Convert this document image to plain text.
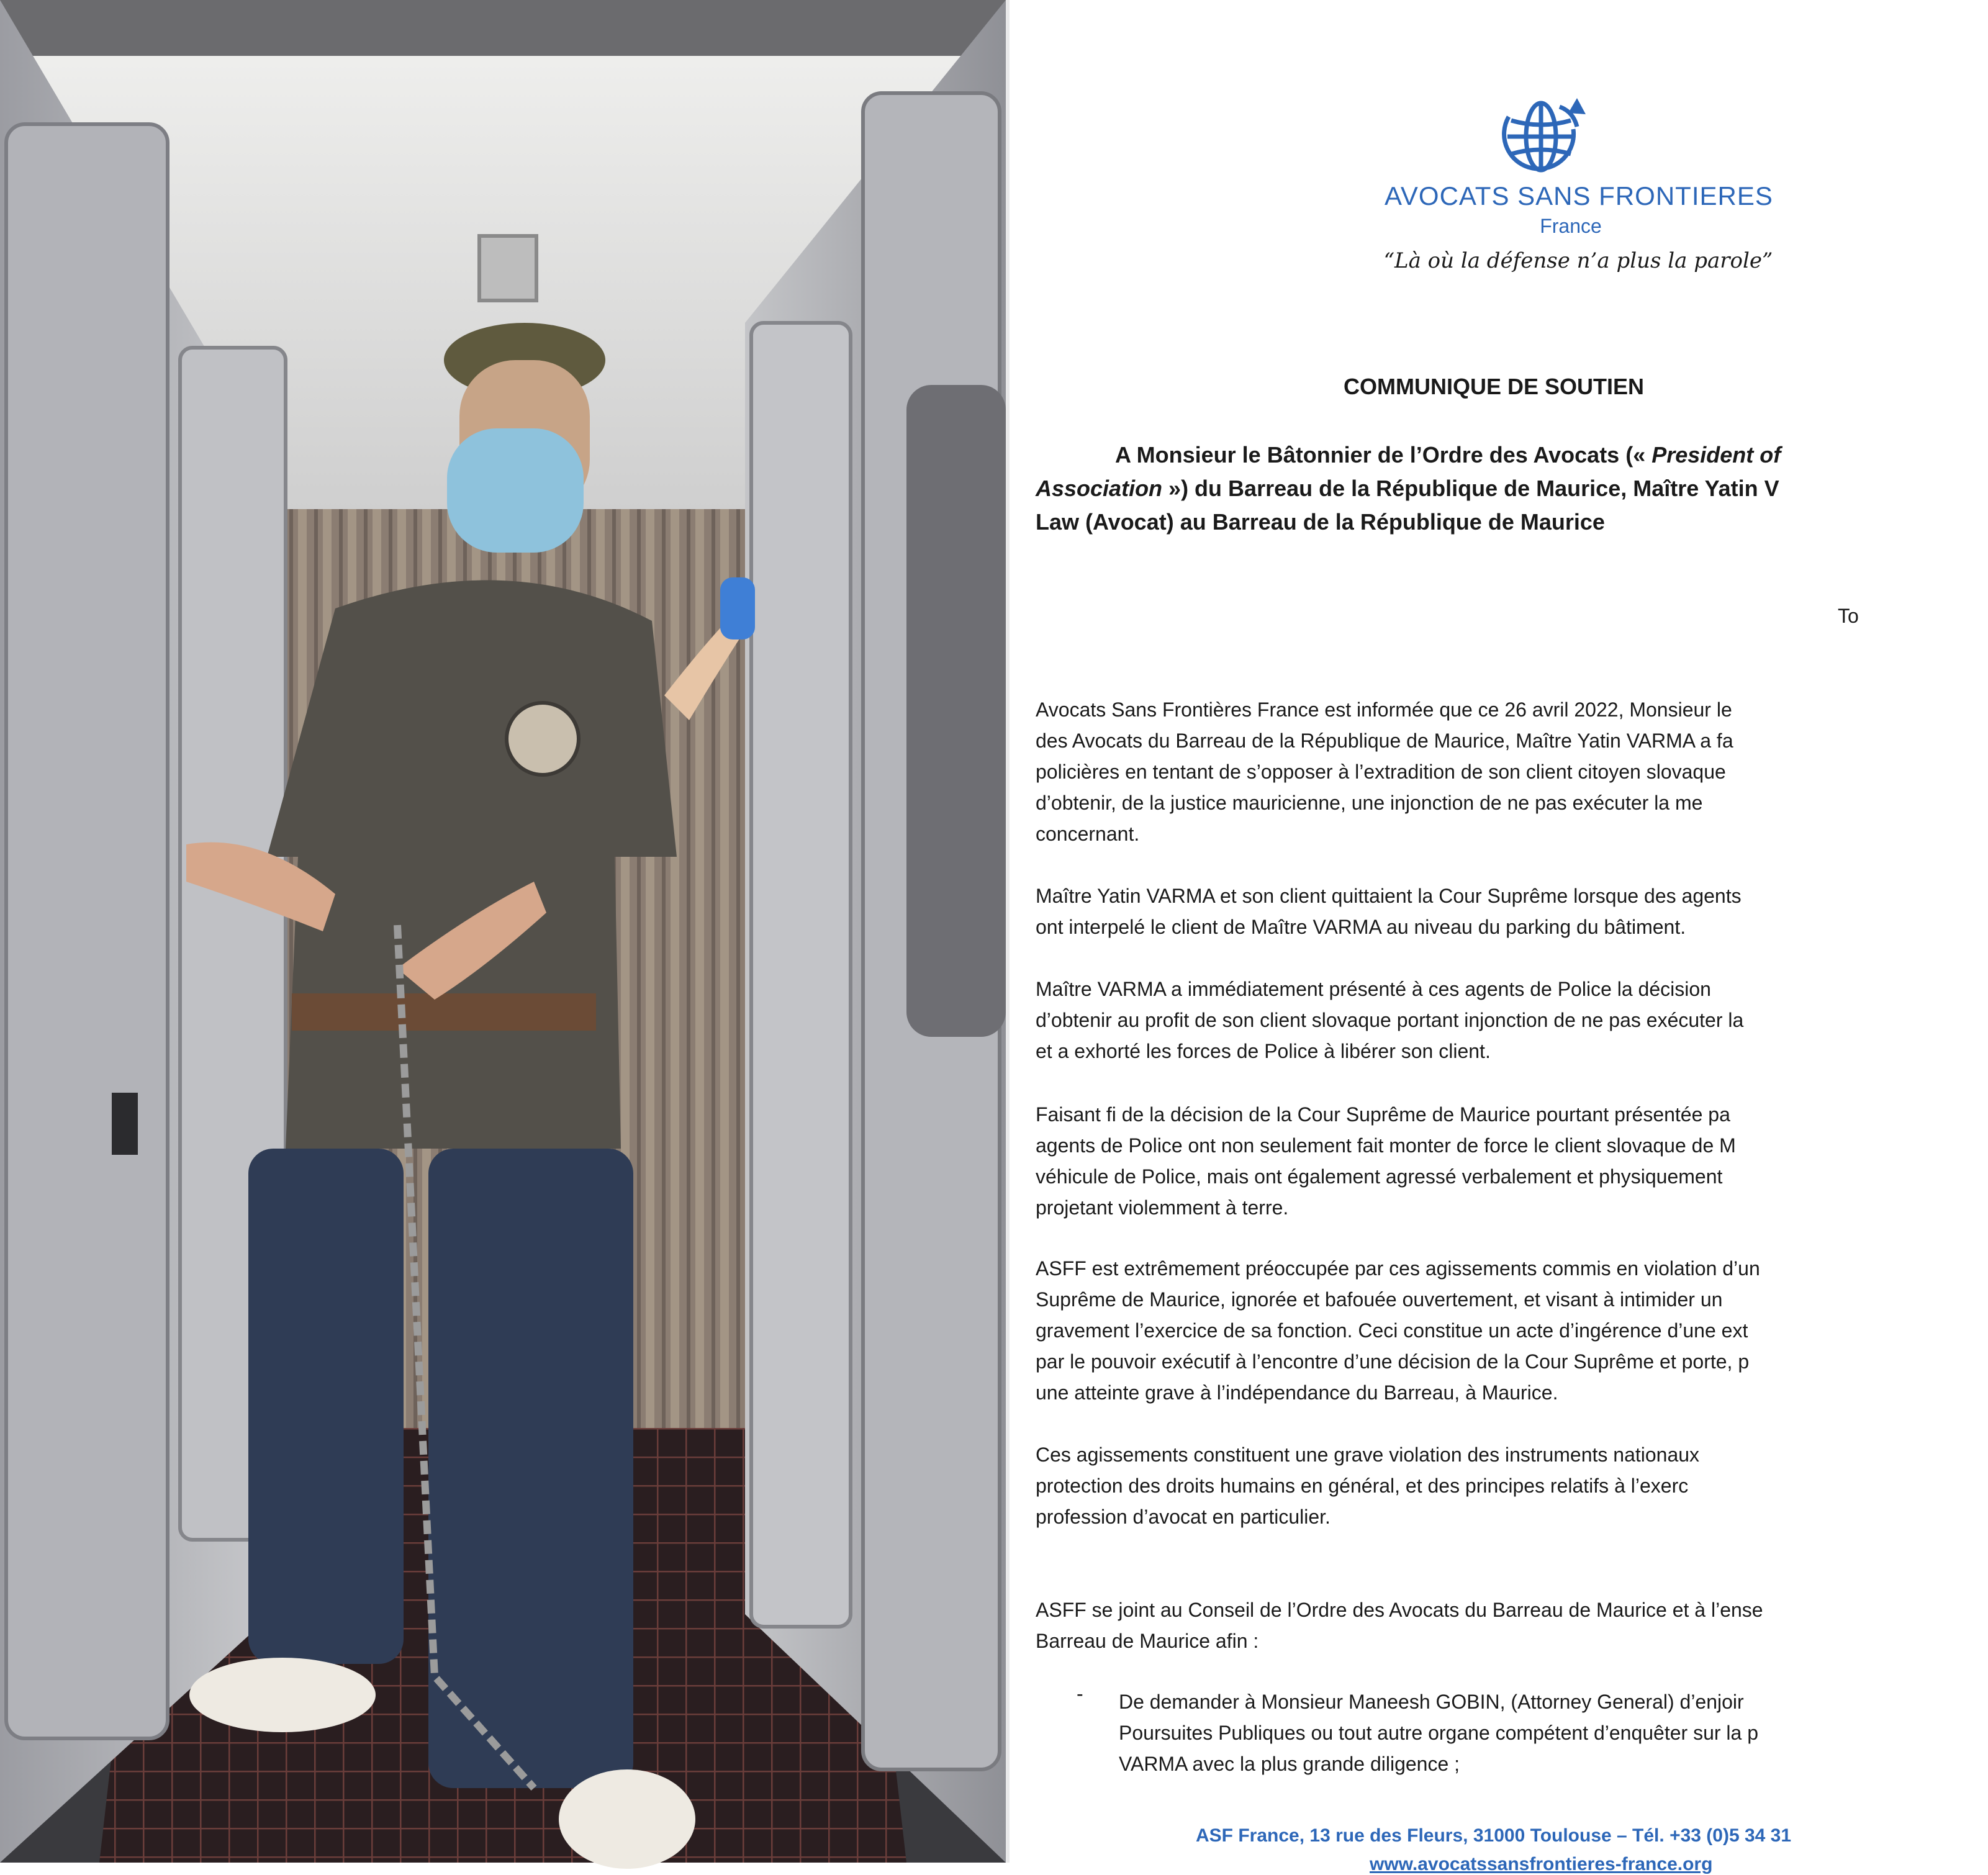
AVOCATS SANS FRONTIERES
France
“Là où la défense n’a plus la parole”
COMMUNIQUE DE SOUTIEN
A Monsieur le Bâtonnier de l’Ordre des Avocats (« President of
Association ») du Barreau de la République de Maurice, Maître Yatin V
Law (Avocat) au Barreau de la République de Maurice
To
Avocats Sans Frontières France est informée que ce 26 avril 2022, Monsieur le
des Avocats du Barreau de la République de Maurice, Maître Yatin VARMA a fa
policières en tentant de s’opposer à l’extradition de son client citoyen slovaque
d’obtenir, de la justice mauricienne, une injonction de ne pas exécuter la me
concernant.
Maître Yatin VARMA et son client quittaient la Cour Suprême lorsque des agents
ont interpelé le client de Maître VARMA au niveau du parking du bâtiment.
Maître VARMA a immédiatement présenté à ces agents de Police la décision
d’obtenir au profit de son client slovaque portant injonction de ne pas exécuter la
et a exhorté les forces de Police à libérer son client.
Faisant fi de la décision de la Cour Suprême de Maurice pourtant présentée pa
agents de Police ont non seulement fait monter de force le client slovaque de M
véhicule de Police, mais ont également agressé verbalement et physiquement
projetant violemment à terre.
ASFF est extrêmement préoccupée par ces agissements commis en violation d’un
Suprême de Maurice, ignorée et bafouée ouvertement, et visant à intimider un
gravement l’exercice de sa fonction. Ceci constitue un acte d’ingérence d’une ext
par le pouvoir exécutif à l’encontre d’une décision de la Cour Suprême et porte, p
une atteinte grave à l’indépendance du Barreau, à Maurice.
Ces agissements constituent une grave violation des instruments nationaux
protection des droits humains en général, et des principes relatifs à l’exerc
profession d’avocat en particulier.
ASFF se joint au Conseil de l’Ordre des Avocats du Barreau de Maurice et à l’ense
Barreau de Maurice afin :
- De demander à Monsieur Maneesh GOBIN, (Attorney General) d’enjoir
Poursuites Publiques ou tout autre organe compétent d’enquêter sur la p
VARMA avec la plus grande diligence ;
ASF France, 13 rue des Fleurs, 31000 Toulouse – Tél. +33 (0)5 34 31
www.avocatssansfrontieres-france.org
